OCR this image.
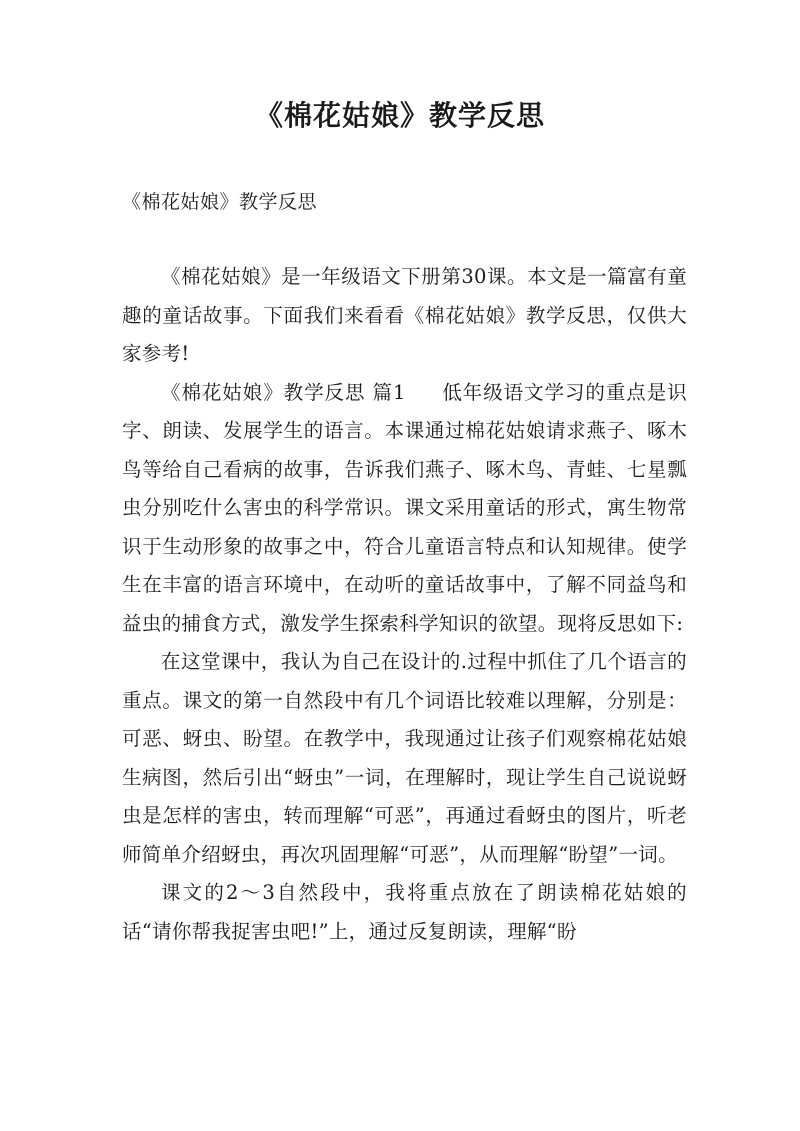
《棉花姑娘》教学反思
《棉花姑娘》教学反思

《棉花姑娘》是一年级语文下册第30课。本文是一篇富有童趣的童话故事。下面我们来看看《棉花姑娘》教学反思，仅供大家参考!

《棉花姑娘》教学反思 篇1 低年级语文学习的重点是识字、朗读、发展学生的语言。本课通过棉花姑娘请求燕子、啄木鸟等给自己看病的故事，告诉我们燕子、啄木鸟、青蛙、七星瓢虫分别吃什么害虫的科学常识。课文采用童话的形式，寓生物常识于生动形象的故事之中，符合儿童语言特点和认知规律。使学生在丰富的语言环境中，在动听的童话故事中，了解不同益鸟和益虫的捕食方式，激发学生探索科学知识的欲望。现将反思如下:

在这堂课中，我认为自己在设计的.过程中抓住了几个语言的重点。课文的第一自然段中有几个词语比较难以理解，分别是：可恶、蚜虫、盼望。在教学中，我现通过让孩子们观察棉花姑娘生病图，然后引出“蚜虫”一词，在理解时，现让学生自己说说蚜虫是怎样的害虫，转而理解“可恶”，再通过看蚜虫的图片，听老师简单介绍蚜虫，再次巩固理解“可恶”，从而理解“盼望”一词。

课文的2～3自然段中，我将重点放在了朗读棉花姑娘的话“请你帮我捉害虫吧!”上，通过反复朗读，理解“盼
